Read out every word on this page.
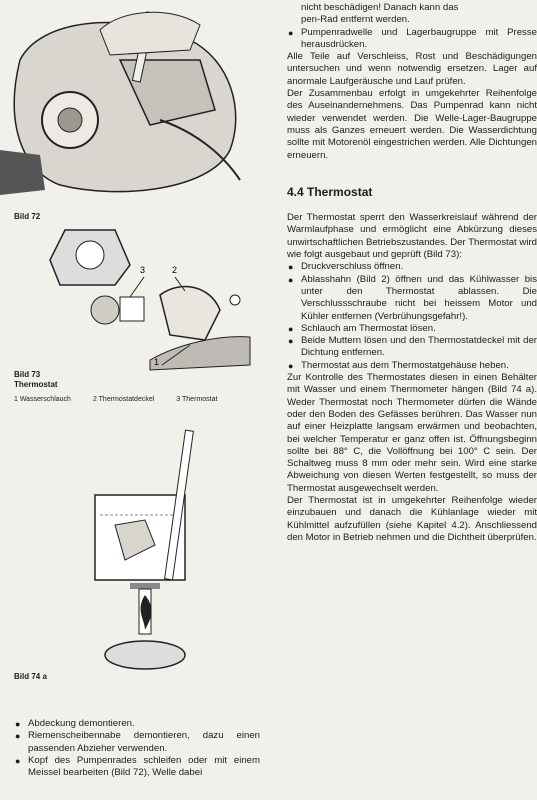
Bild 72
3	2
1
Bild 73
Thermostat
1 Wasserschlauch	2 Thermostatdeckel	3 Thermostat
Bild 74 a

● Abdeckung demontieren.

● Riemenscheibennabe demontieren, dazu einen passenden Abzieher verwenden.

● Kopf des Pumpenrades schleifen oder mit einem Meissel bearbeiten (Bild 72), Welle dabei

nicht beschädigen! Danach kann das

pen-Rad entfernt werden.

● Pumpenradwelle und Lagerbaugruppe mit Presse herausdrücken.

Alle Teile auf Verschleiss, Rost und Beschädigungen untersuchen und wenn notwendig ersetzen. Lager auf anormale Laufgeräusche und Lauf prüfen.

Der Zusammenbau erfolgt in umgekehrter Reihenfolge des Auseinandernehmens. Das Pumpenrad kann nicht wieder verwendet werden. Die Welle-Lager-Baugruppe muss als Ganzes erneuert werden. Die Wasserdichtung sollte mit Motorenöl eingestrichen werden. Alle Dichtungen erneuern.

4.4 Thermostat

Der Thermostat sperrt den Wasserkreislauf während der Warmlaufphase und ermöglicht eine Abkürzung dieses unwirtschaftlichen Betriebszustandes. Der Thermostat wird wie folgt ausgebaut und geprüft (Bild 73):

● Druckverschluss öffnen.

● Ablasshahn (Bild 2) öffnen und das Kühlwasser bis unter den Thermostat ablassen. Die Verschlussschraube nicht bei heissem Motor und Kühler entfernen (Verbrühungsgefahr!).

● Schlauch am Thermostat lösen.

● Beide Muttern lösen und den Thermostatdeckel mit der Dichtung entfernen.

● Thermostat aus dem Thermostatgehäuse heben.

Zur Kontrolle des Thermostates diesen in einen Behälter mit Wasser und einem Thermometer hängen (Bild 74 a). Weder Thermostat noch Thermometer dürfen die Wände oder den Boden des Gefässes berühren. Das Wasser nun auf einer Heizplatte langsam erwärmen und beobachten, bei welcher Temperatur er ganz offen ist. Öffnungsbeginn sollte bei 88° C, die Vollöffnung bei 100° C sein. Der Schaltweg muss 8 mm oder mehr sein. Wird eine starke Abweichung von diesen Werten festgestellt, so muss der Thermostat ausgewechselt werden.

Der Thermostat ist in umgekehrter Reihenfolge wieder einzubauen und danach die Kühlanlage wieder mit Kühlmittel aufzufüllen (siehe Kapitel 4.2). Anschliessend den Motor in Betrieb nehmen und die Dichtheit überprüfen.
